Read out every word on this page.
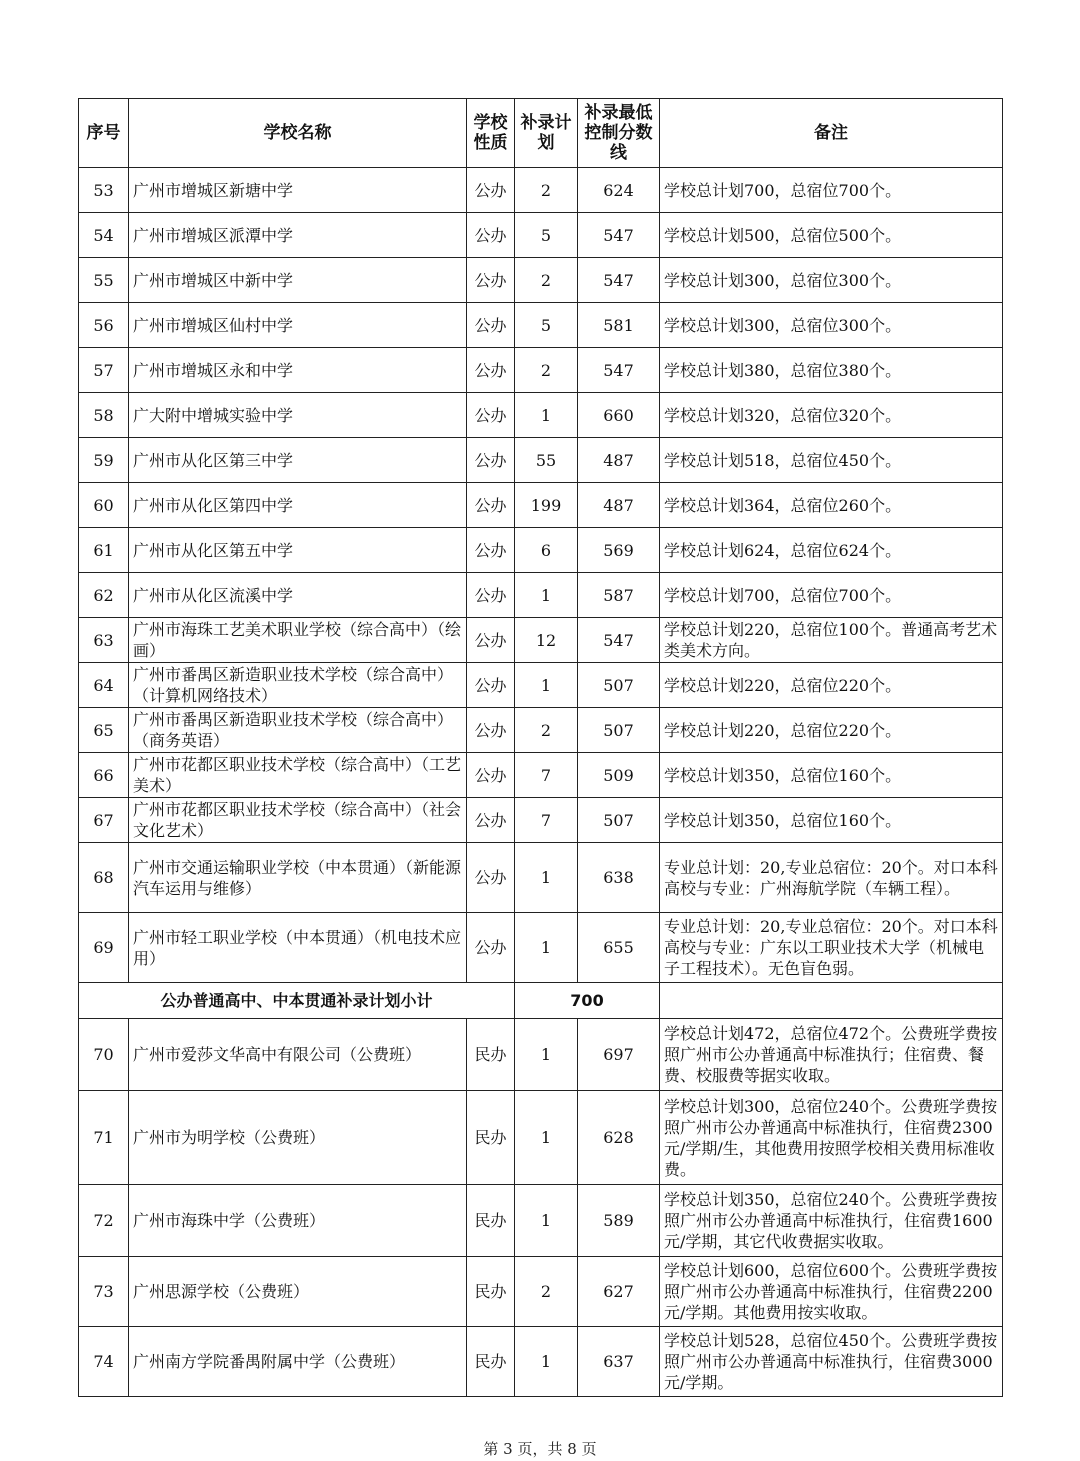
序号	学校名称	学校性质	补录计划	补录最低控制分数线	备注
53	广州市增城区新塘中学	公办	2	624	学校总计划700，总宿位700个。
54	广州市增城区派潭中学	公办	5	547	学校总计划500，总宿位500个。
55	广州市增城区中新中学	公办	2	547	学校总计划300，总宿位300个。
56	广州市增城区仙村中学	公办	5	581	学校总计划300，总宿位300个。
57	广州市增城区永和中学	公办	2	547	学校总计划380，总宿位380个。
58	广大附中增城实验中学	公办	1	660	学校总计划320，总宿位320个。
59	广州市从化区第三中学	公办	55	487	学校总计划518，总宿位450个。
60	广州市从化区第四中学	公办	199	487	学校总计划364，总宿位260个。
61	广州市从化区第五中学	公办	6	569	学校总计划624，总宿位624个。
62	广州市从化区流溪中学	公办	1	587	学校总计划700，总宿位700个。
63	广州市海珠工艺美术职业学校（综合高中）（绘画）	公办	12	547	学校总计划220，总宿位100个。普通高考艺术类美术方向。
64	广州市番禺区新造职业技术学校（综合高中）（计算机网络技术）	公办	1	507	学校总计划220，总宿位220个。
65	广州市番禺区新造职业技术学校（综合高中）（商务英语）	公办	2	507	学校总计划220，总宿位220个。
66	广州市花都区职业技术学校（综合高中）（工艺美术）	公办	7	509	学校总计划350，总宿位160个。
67	广州市花都区职业技术学校（综合高中）（社会文化艺术）	公办	7	507	学校总计划350，总宿位160个。
68	广州市交通运输职业学校（中本贯通）（新能源汽车运用与维修）	公办	1	638	专业总计划：20,专业总宿位：20个。对口本科高校与专业：广州海航学院（车辆工程）。
69	广州市轻工职业学校（中本贯通）（机电技术应用）	公办	1	655	专业总计划：20,专业总宿位：20个。对口本科高校与专业：广东以工职业技术大学（机械电子工程技术）。无色盲色弱。
公办普通高中、中本贯通补录计划小计			700		
70	广州市爱莎文华高中有限公司（公费班）	民办	1	697	学校总计划472，总宿位472个。公费班学费按照广州市公办普通高中标准执行；住宿费、餐费、校服费等据实收取。
71	广州市为明学校（公费班）	民办	1	628	学校总计划300，总宿位240个。公费班学费按照广州市公办普通高中标准执行，住宿费2300元/学期/生，其他费用按照学校相关费用标准收费。
72	广州市海珠中学（公费班）	民办	1	589	学校总计划350，总宿位240个。公费班学费按照广州市公办普通高中标准执行，住宿费1600元/学期，其它代收费据实收取。
73	广州思源学校（公费班）	民办	2	627	学校总计划600，总宿位600个。公费班学费按照广州市公办普通高中标准执行，住宿费2200元/学期。其他费用按实收取。
74	广州南方学院番禺附属中学（公费班）	民办	1	637	学校总计划528，总宿位450个。公费班学费按照广州市公办普通高中标准执行，住宿费3000元/学期。
第 3 页，共 8 页
